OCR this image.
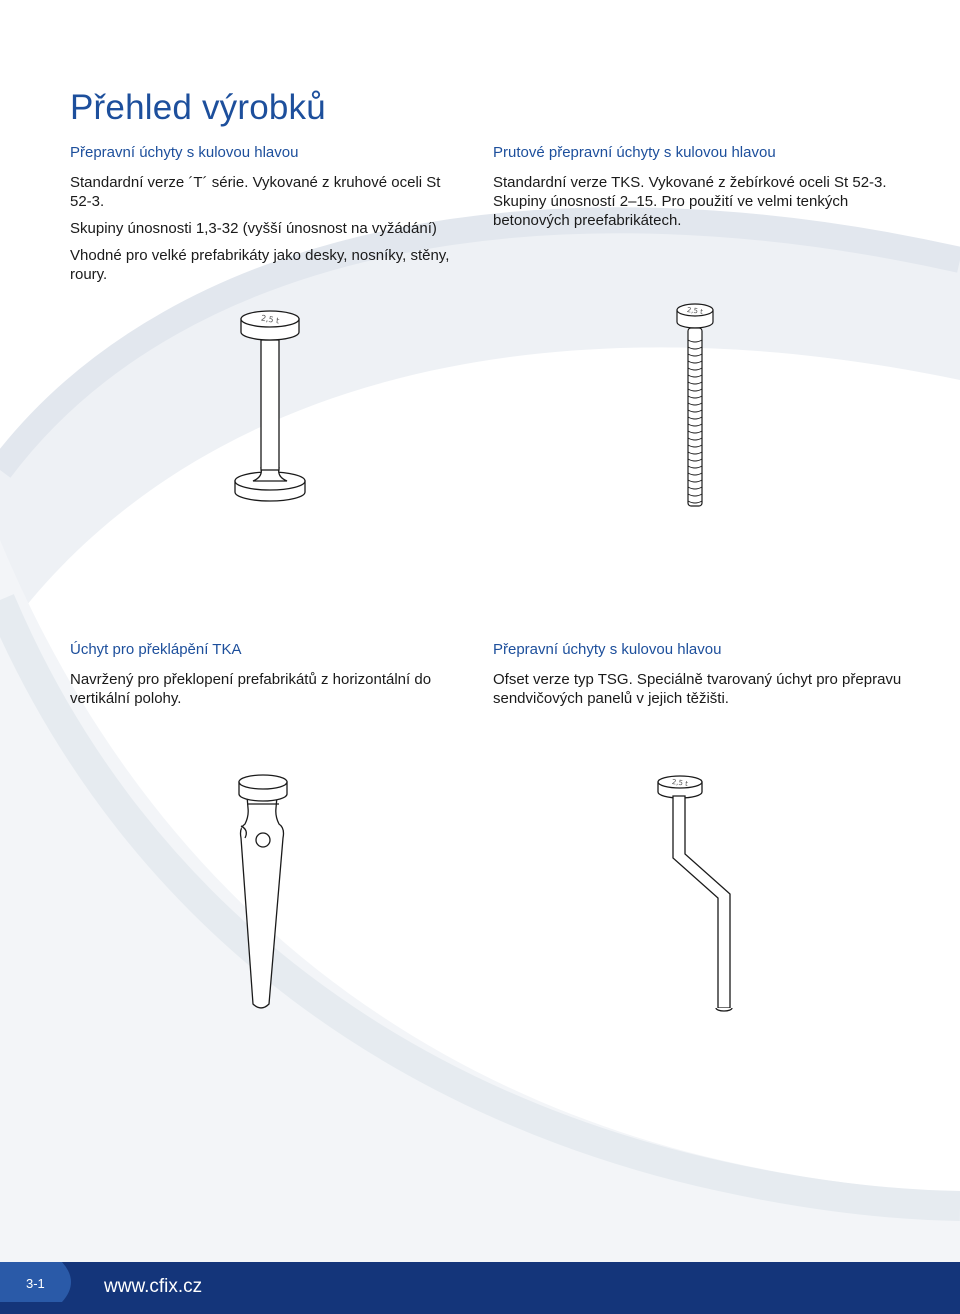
Přehled výrobků
Přepravní úchyty s kulovou hlavou

Standardní verze ´T´ série. Vykované z kruhové oceli St 52-3.

Skupiny únosnosti 1,3-32 (vyšší únosnost na vyžádání)

Vhodné pro velké prefabrikáty jako desky, nosníky, stěny, roury.

Prutové přepravní úchyty s kulovou hlavou

Standardní verze TKS. Vykované z žebírkové oceli St 52-3. Skupiny únosností 2–15. Pro použití ve velmi tenkých betonových preefabrikátech.

Úchyt pro překlápění TKA

Navržený pro překlopení prefabrikátů z horizontální do vertikální polohy.

Přepravní úchyty s kulovou hlavou

Ofset verze typ TSG. Speciálně tvarovaný úchyt pro přepravu sendvičových panelů v jejich těžišti.

2,5 t
2,5 t
2,5 t
3-1	www.cfix.cz
